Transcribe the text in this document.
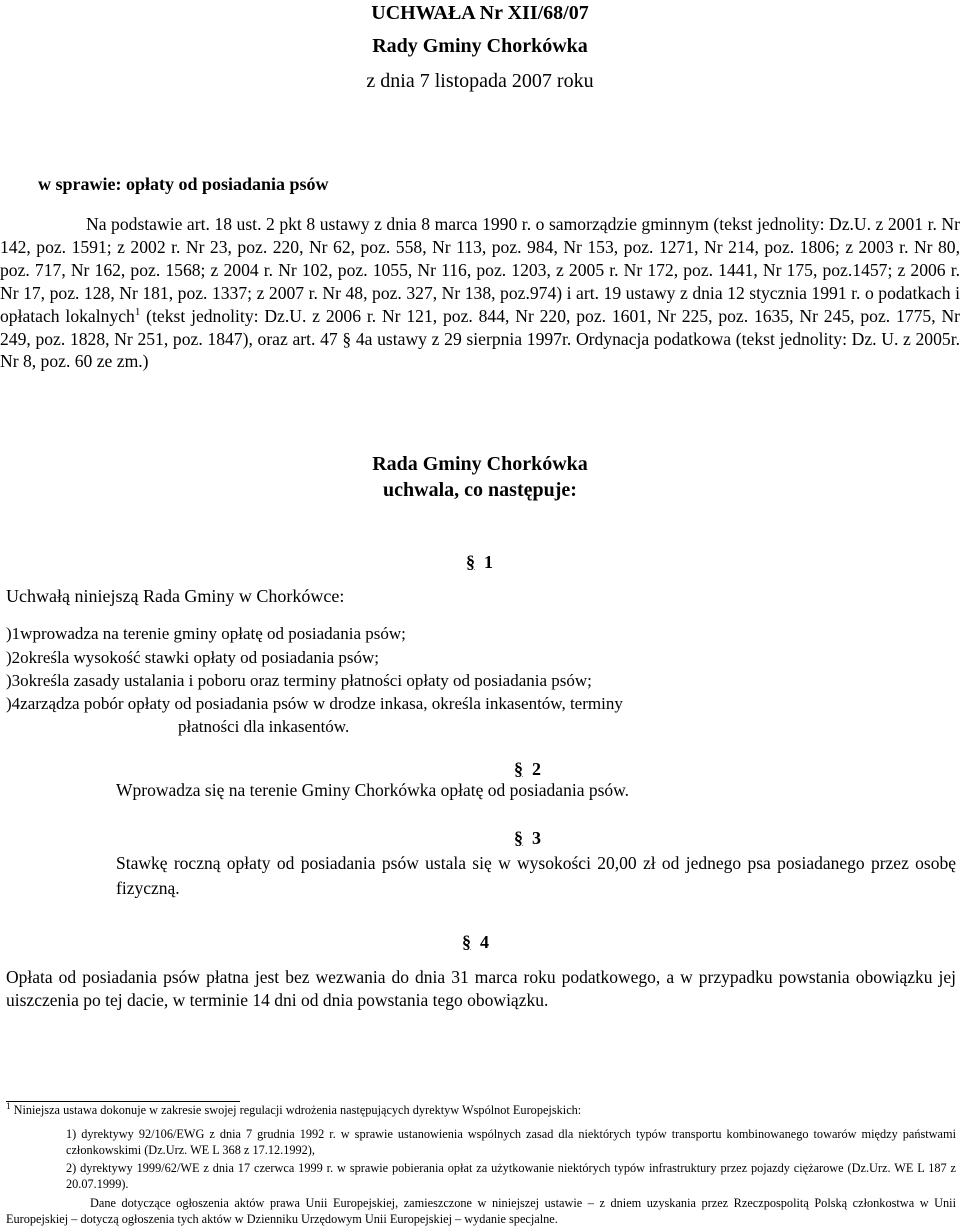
UCHWAŁA Nr XII/68/07
Rady Gminy Chorkówka
z dnia 7 listopada 2007 roku
w sprawie: opłaty od posiadania psów
Na podstawie art. 18 ust. 2 pkt 8 ustawy z dnia 8 marca 1990 r. o samorządzie gminnym (tekst jednolity: Dz.U. z 2001 r. Nr 142, poz. 1591; z 2002 r. Nr 23, poz. 220, Nr 62, poz. 558, Nr 113, poz. 984, Nr 153, poz. 1271, Nr 214, poz. 1806; z 2003 r. Nr 80, poz. 717, Nr 162, poz. 1568; z 2004 r. Nr 102, poz. 1055, Nr 116, poz. 1203, z 2005 r. Nr 172, poz. 1441, Nr 175, poz.1457; z 2006 r. Nr 17, poz. 128, Nr 181, poz. 1337; z 2007 r. Nr 48, poz. 327, Nr 138, poz.974) i art. 19 ustawy z dnia 12 stycznia 1991 r. o podatkach i opłatach lokalnych$^1$ (tekst jednolity: Dz.U. z 2006 r. Nr 121, poz. 844, Nr 220, poz. 1601, Nr 225, poz. 1635, Nr 245, poz. 1775, Nr 249, poz. 1828, Nr 251, poz. 1847), oraz art. 47 § 4a ustawy z 29 sierpnia 1997r. Ordynacja podatkowa (tekst jednolity: Dz. U. z 2005r. Nr 8, poz. 60 ze zm.)
Rada Gminy Chorkówka
uchwala, co następuje:
§ 1
Uchwałą niniejszą Rada Gminy w Chorkówce:
)1wprowadza na terenie gminy opłatę od posiadania psów;
)2określa wysokość stawki opłaty od posiadania psów;
)3określa zasady ustalania i poboru oraz terminy płatności opłaty od posiadania psów;
)4zarządza pobór opłaty od posiadania psów w drodze inkasa, określa inkasentów, terminy
płatności dla inkasentów.
§ 2
Wprowadza się na terenie Gminy Chorkówka opłatę od posiadania psów.
§ 3
Stawkę roczną opłaty od posiadania psów ustala się w wysokości 20,00 zł od jednego psa posiadanego przez osobę fizyczną.
§ 4
Opłata od posiadania psów płatna jest bez wezwania do dnia 31 marca roku podatkowego, a w przypadku powstania obowiązku jej uiszczenia po tej dacie, w terminie 14 dni od dnia powstania tego obowiązku.
$^1$ Niniejsza ustawa dokonuje w zakresie swojej regulacji wdrożenia następujących dyrektyw Wspólnot Europejskich:
1) dyrektywy 92/106/EWG z dnia 7 grudnia 1992 r. w sprawie ustanowienia wspólnych zasad dla niektórych typów transportu kombinowanego towarów między państwami członkowskimi (Dz.Urz. WE L 368 z 17.12.1992),
2) dyrektywy 1999/62/WE z dnia 17 czerwca 1999 r. w sprawie pobierania opłat za użytkowanie niektórych typów infrastruktury przez pojazdy ciężarowe (Dz.Urz. WE L 187 z 20.07.1999).
Dane dotyczące ogłoszenia aktów prawa Unii Europejskiej, zamieszczone w niniejszej ustawie – z dniem uzyskania przez Rzeczpospolitą Polską członkostwa w Unii Europejskiej – dotyczą ogłoszenia tych aktów w Dzienniku Urzędowym Unii Europejskiej – wydanie specjalne.
